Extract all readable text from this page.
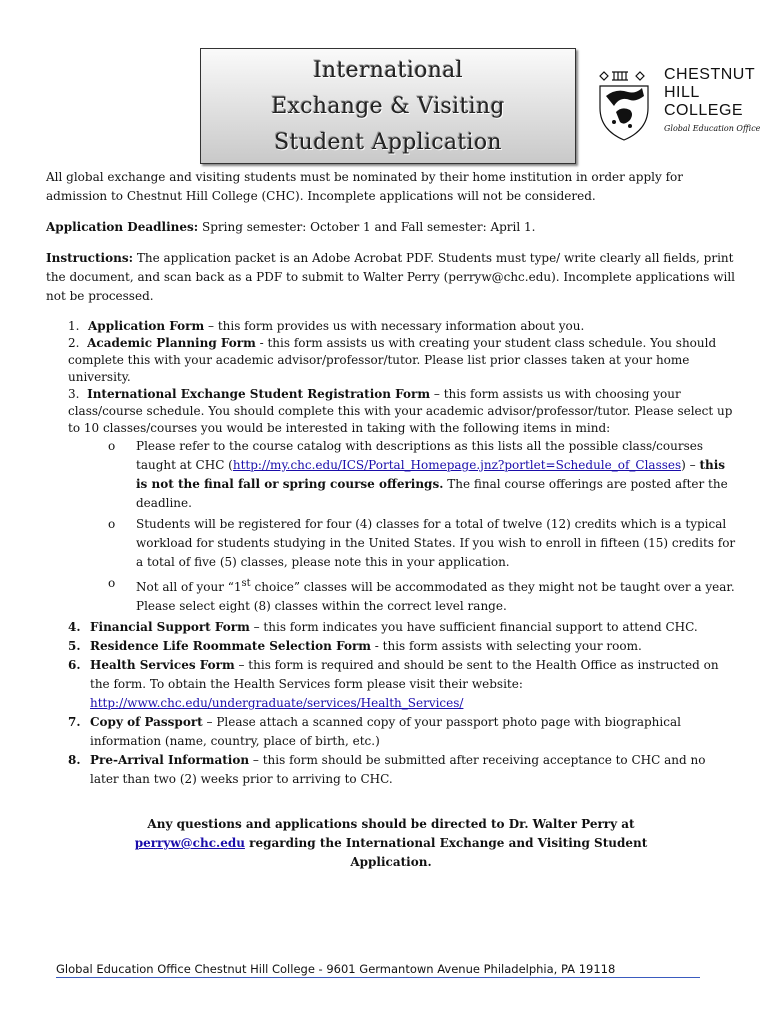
International
Exchange & Visiting
Student Application
CHESTNUT
HILL
COLLEGE
Global Education Office

All global exchange and visiting students must be nominated by their home institution in order apply for admission to Chestnut Hill College (CHC). Incomplete applications will not be considered.

Application Deadlines: Spring semester: October 1 and Fall semester: April 1.

Instructions: The application packet is an Adobe Acrobat PDF. Students must type/ write clearly all fields, print the document, and scan back as a PDF to submit to Walter Perry (perryw@chc.edu). Incomplete applications will not be processed.

1. Application Form – this form provides us with necessary information about you.
2. Academic Planning Form - this form assists us with creating your student class schedule. You should complete this with your academic advisor/professor/tutor. Please list prior classes taken at your home university.
3. International Exchange Student Registration Form – this form assists us with choosing your class/course schedule. You should complete this with your academic advisor/professor/tutor. Please select up to 10 classes/courses you would be interested in taking with the following items in mind:
o	Please refer to the course catalog with descriptions as this lists all the possible class/courses taught at CHC (http://my.chc.edu/ICS/Portal_Homepage.jnz?portlet=Schedule_of_Classes) – this is not the final fall or spring course offerings. The final course offerings are posted after the deadline.
o	Students will be registered for four (4) classes for a total of twelve (12) credits which is a typical workload for students studying in the United States. If you wish to enroll in fifteen (15) credits for a total of five (5) classes, please note this in your application.
o	Not all of your “1st choice” classes will be accommodated as they might not be taught over a year. Please select eight (8) classes within the correct level range.
4. Financial Support Form – this form indicates you have sufficient financial support to attend CHC.
5. Residence Life Roommate Selection Form - this form assists with selecting your room.
6. Health Services Form – this form is required and should be sent to the Health Office as instructed on the form. To obtain the Health Services form please visit their website:
http://www.chc.edu/undergraduate/services/Health_Services/
7. Copy of Passport – Please attach a scanned copy of your passport photo page with biographical information (name, country, place of birth, etc.)
8. Pre-Arrival Information – this form should be submitted after receiving acceptance to CHC and no later than two (2) weeks prior to arriving to CHC.
Any questions and applications should be directed to Dr. Walter Perry at
perryw@chc.edu regarding the International Exchange and Visiting Student
Application.
Global Education Office Chestnut Hill College - 9601 Germantown Avenue Philadelphia, PA 19118
